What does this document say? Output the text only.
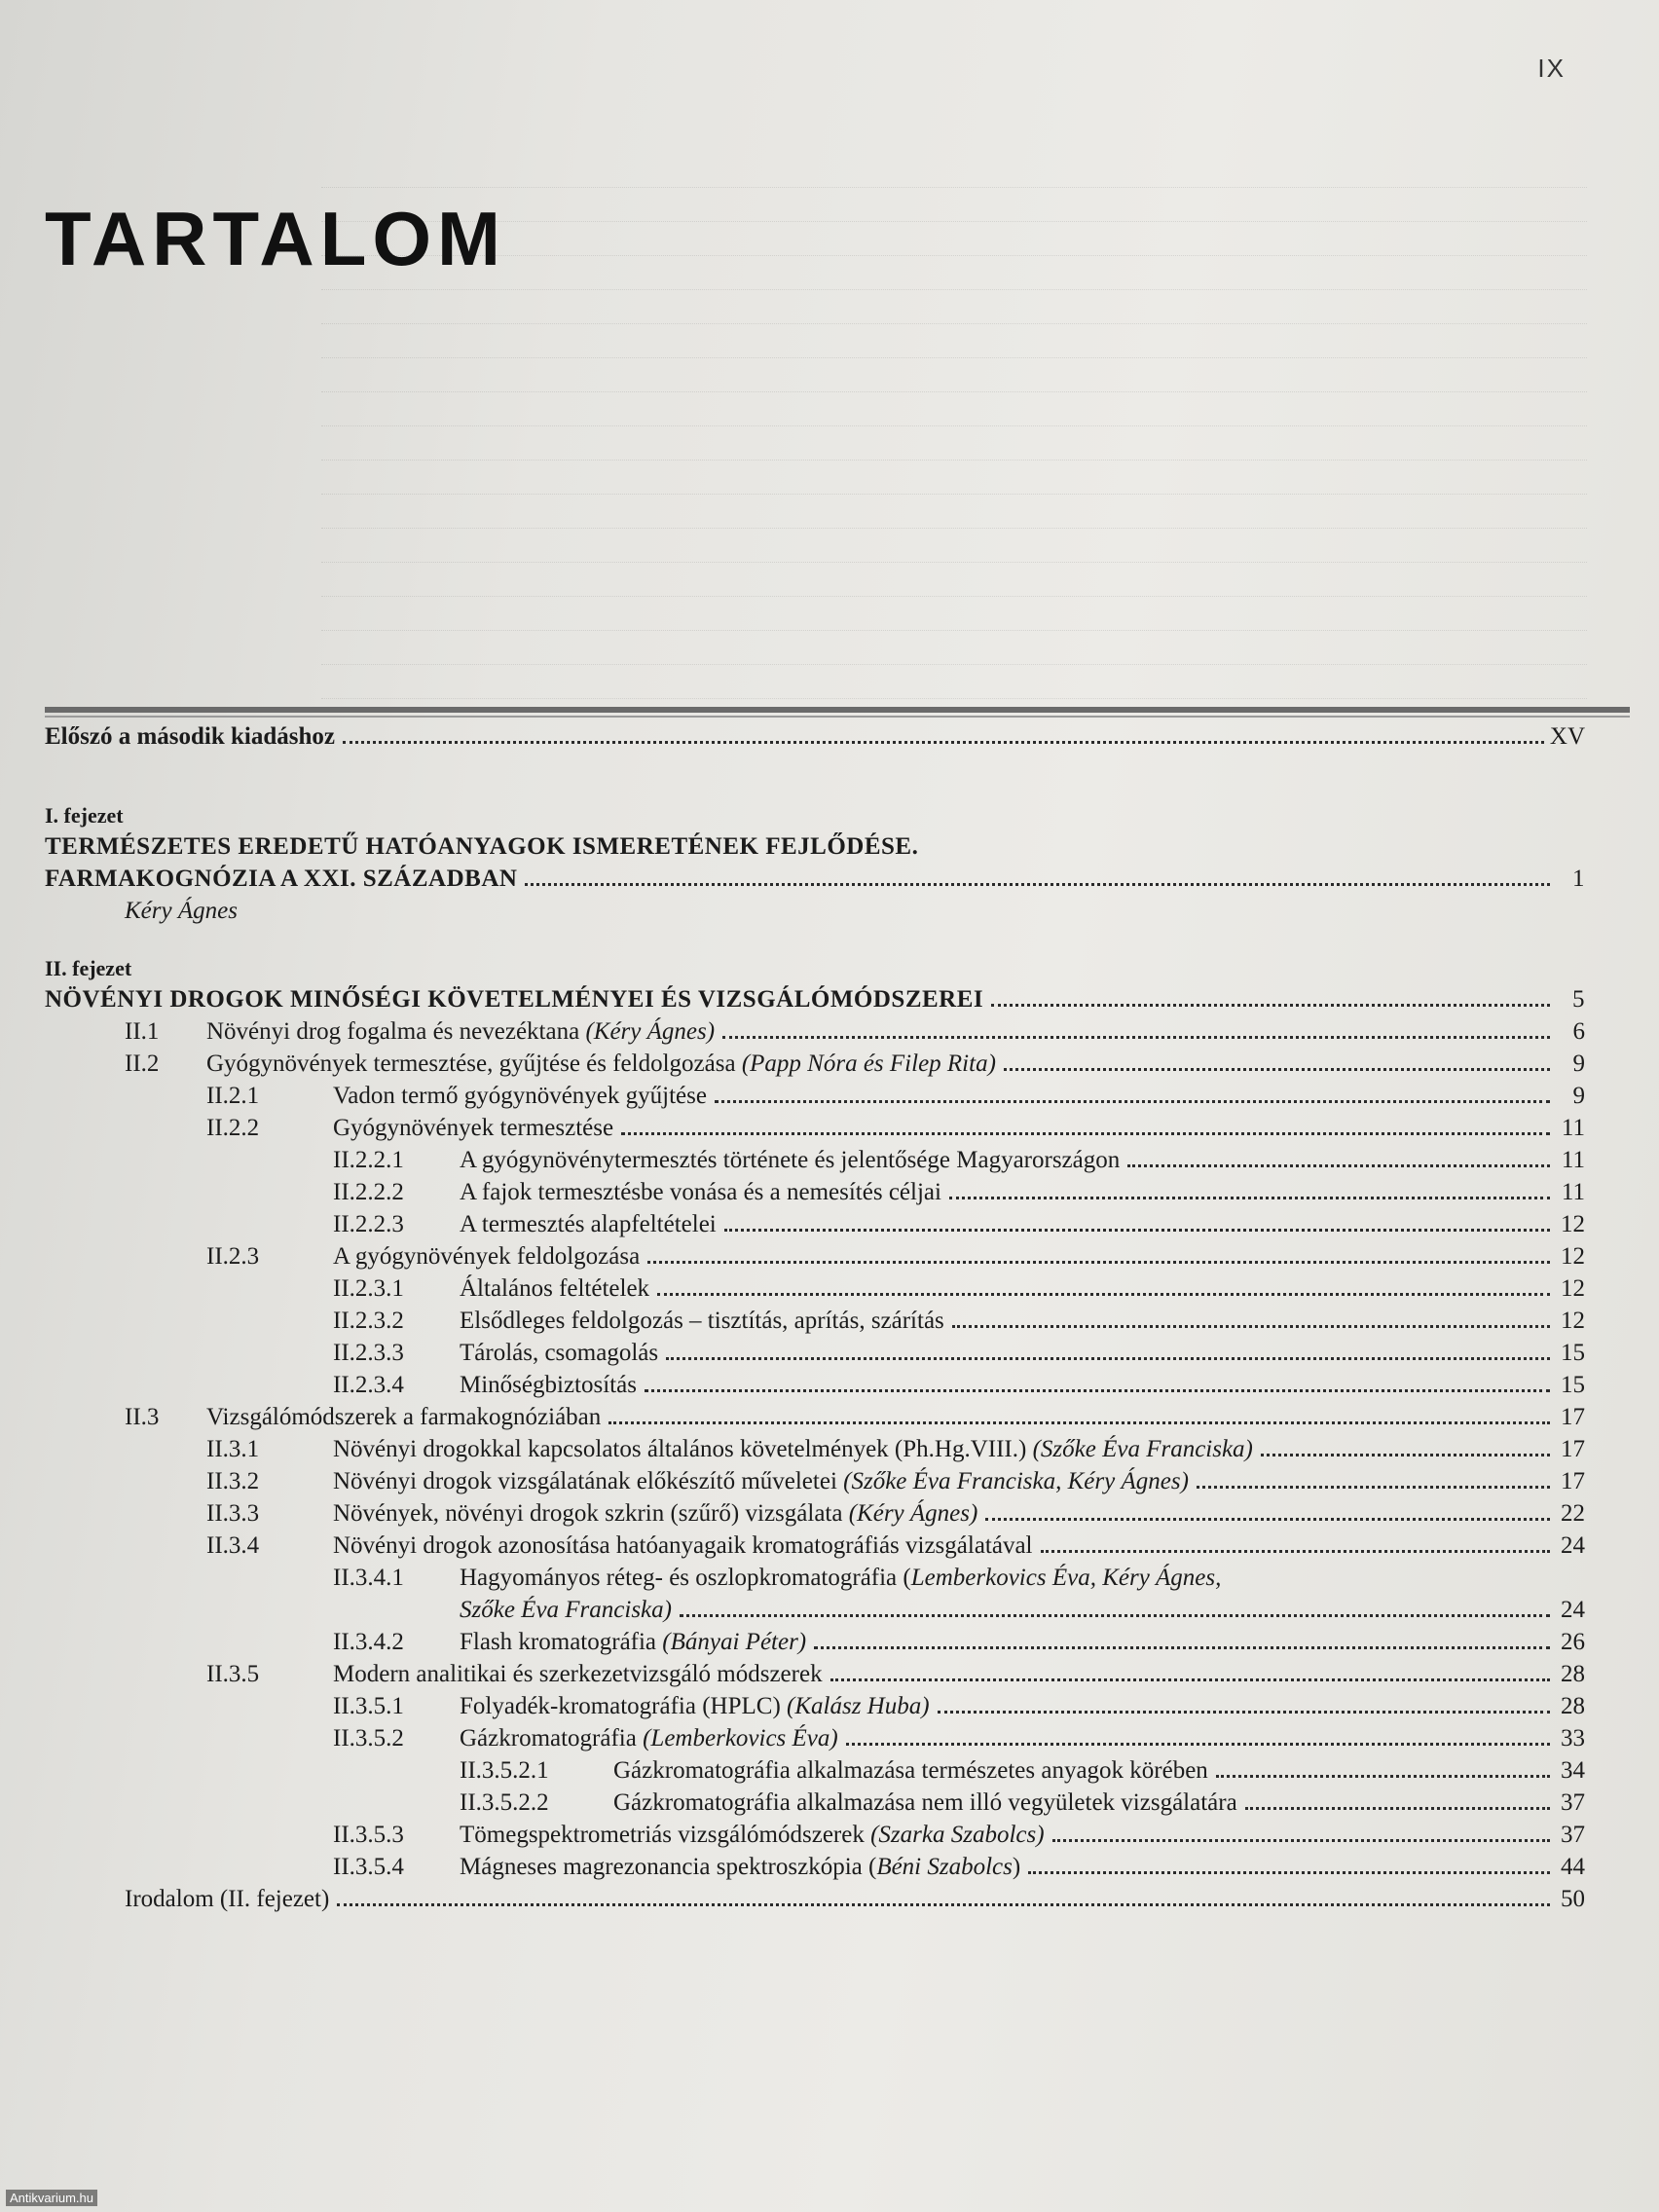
IX
TARTALOM
Előszó a második kiadáshoz	XV
I. fejezet
TERMÉSZETES EREDETŰ HATÓANYAGOK ISMERETÉNEK FEJLŐDÉSE.
FARMAKOGNÓZIA A XXI. SZÁZADBAN	1
Kéry Ágnes
II. fejezet
NÖVÉNYI DROGOK MINŐSÉGI KÖVETELMÉNYEI ÉS VIZSGÁLÓMÓDSZEREI	5
II.1	Növényi drog fogalma és nevezéktana (Kéry Ágnes)	6
II.2	Gyógynövények termesztése, gyűjtése és feldolgozása (Papp Nóra és Filep Rita)	9
II.2.1	Vadon termő gyógynövények gyűjtése	9
II.2.2	Gyógynövények termesztése	11
II.2.2.1	A gyógynövénytermesztés története és jelentősége Magyarországon	11
II.2.2.2	A fajok termesztésbe vonása és a nemesítés céljai	11
II.2.2.3	A termesztés alapfeltételei	12
II.2.3	A gyógynövények feldolgozása	12
II.2.3.1	Általános feltételek	12
II.2.3.2	Elsődleges feldolgozás – tisztítás, aprítás, szárítás	12
II.2.3.3	Tárolás, csomagolás	15
II.2.3.4	Minőségbiztosítás	15
II.3	Vizsgálómódszerek a farmakognóziában	17
II.3.1	Növényi drogokkal kapcsolatos általános követelmények (Ph.Hg.VIII.) (Szőke Éva Franciska)	17
II.3.2	Növényi drogok vizsgálatának előkészítő műveletei (Szőke Éva Franciska, Kéry Ágnes)	17
II.3.3	Növények, növényi drogok szkrin (szűrő) vizsgálata (Kéry Ágnes)	22
II.3.4	Növényi drogok azonosítása hatóanyagaik kromatográfiás vizsgálatával	24
II.3.4.1	Hagyományos réteg- és oszlopkromatográfia (Lemberkovics Éva, Kéry Ágnes,
Szőke Éva Franciska)	24
II.3.4.2	Flash kromatográfia (Bányai Péter)	26
II.3.5	Modern analitikai és szerkezetvizsgáló módszerek	28
II.3.5.1	Folyadék-kromatográfia (HPLC) (Kalász Huba)	28
II.3.5.2	Gázkromatográfia (Lemberkovics Éva)	33
II.3.5.2.1	Gázkromatográfia alkalmazása természetes anyagok körében	34
II.3.5.2.2	Gázkromatográfia alkalmazása nem illó vegyületek vizsgálatára	37
II.3.5.3	Tömegspektrometriás vizsgálómódszerek (Szarka Szabolcs)	37
II.3.5.4	Mágneses magrezonancia spektroszkópia (Béni Szabolcs)	44
Irodalom (II. fejezet)	50
Antikvarium.hu
